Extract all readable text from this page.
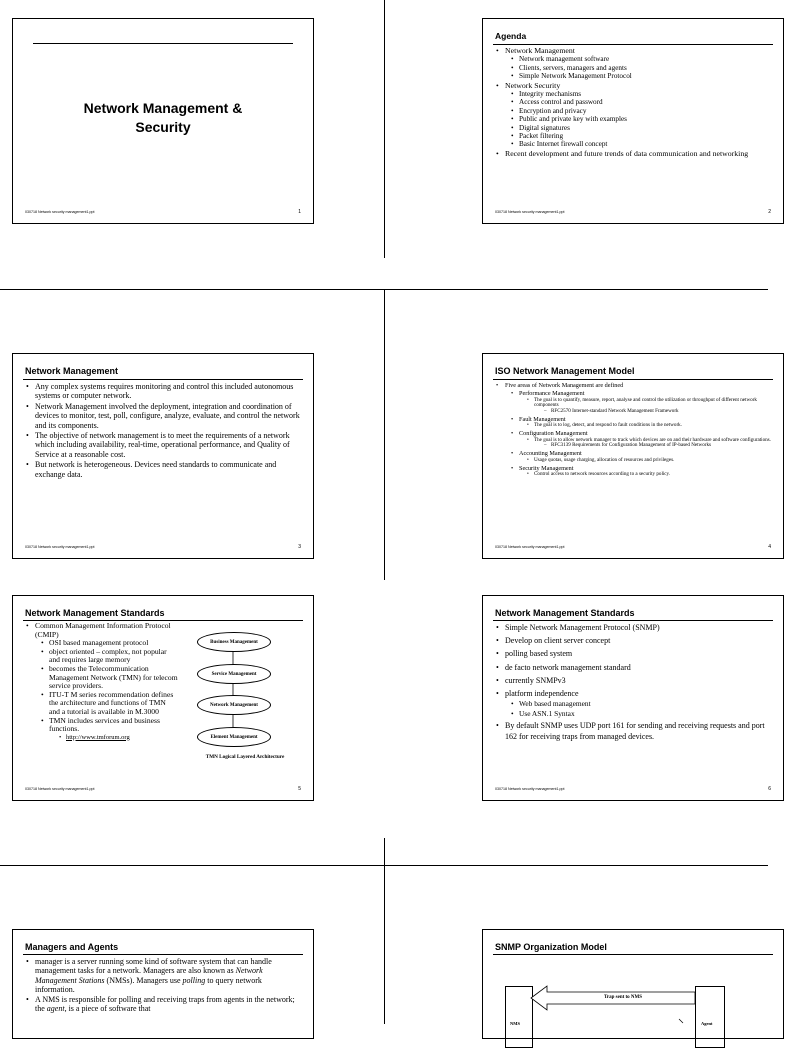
Network Management & Security
030718 Network security management1.ppt	1
Agenda
• Network Management
• Network management software
• Clients, servers, managers and agents
• Simple Network Management Protocol
• Network Security
• Integrity mechanisms
• Access control and password
• Encryption and privacy
• Public and private key with examples
• Digital signatures
• Packet filtering
• Basic Internet firewall concept
• Recent development and future trends of data communication and networking
030718 Network security management1.ppt	2
Network Management
• Any complex systems requires monitoring and control this included autonomous systems or computer network.
• Network Management involved the deployment, integration and coordination of devices to monitor, test, poll, configure, analyze, evaluate, and control the network and its components.
• The objective of network management is to meet the requirements of a network which including availability, real-time, operational performance, and Quality of Service at a reasonable cost.
• But network is heterogeneous. Devices need standards to communicate and exchange data.
030718 Network security management1.ppt	3
ISO Network Management Model
• Five areas of Network Management are defined
• Performance Management
• The goal is to quantify, measure, report, analyse and control the utilization or throughput of different network components
– RFC2570 Internet-standard Network Management Framework
• Fault Management
• The goal is to log, detect, and respond to fault conditions in the network.
• Configuration Management
• The goal is to allow network manager to track which devices are on and their hardware and software configurations.
– RFC3139 Requirements for Configuration Management of IP-based Networks
• Accounting Management
• Usage quotas, usage charging, allocation of resources and privileges.
• Security Management
• Control access to network resources according to a security policy.
030718 Network security management1.ppt	4
Network Management Standards
• Common Management Information Protocol (CMIP)
• OSI based management protocol
• object oriented – complex, not popular and requires large memory
• becomes the Telecommunication Management Network (TMN) for telecom service providers.
• ITU-T M series recommendation defines the architecture and functions of TMN and a tutorial is available in M.3000
• TMN includes services and business functions.
• http://www.tmforum.org
Business Management
Service Management
Network Management
Element Management
TMN Logical Layered Architecture
030718 Network security management1.ppt	5
Network Management Standards
• Simple Network Management Protocol (SNMP)
• Develop on client server concept
• polling based system
• de facto network management standard
• currently SNMPv3
• platform independence
• Web based management
• Use ASN.1 Syntax
• By default SNMP uses UDP port 161 for sending and receiving requests and port 162 for receiving traps from managed devices.
030718 Network security management1.ppt	6
Managers and Agents
• manager is a server running some kind of software system that can handle management tasks for a network. Managers are also known as Network Management Stations (NMSs). Managers use polling to query network information.
• A NMS is responsible for polling and receiving traps from agents in the network; the agent, is a piece of software that
SNMP Organization Model
NMS	Agent
Trap sent to NMS
